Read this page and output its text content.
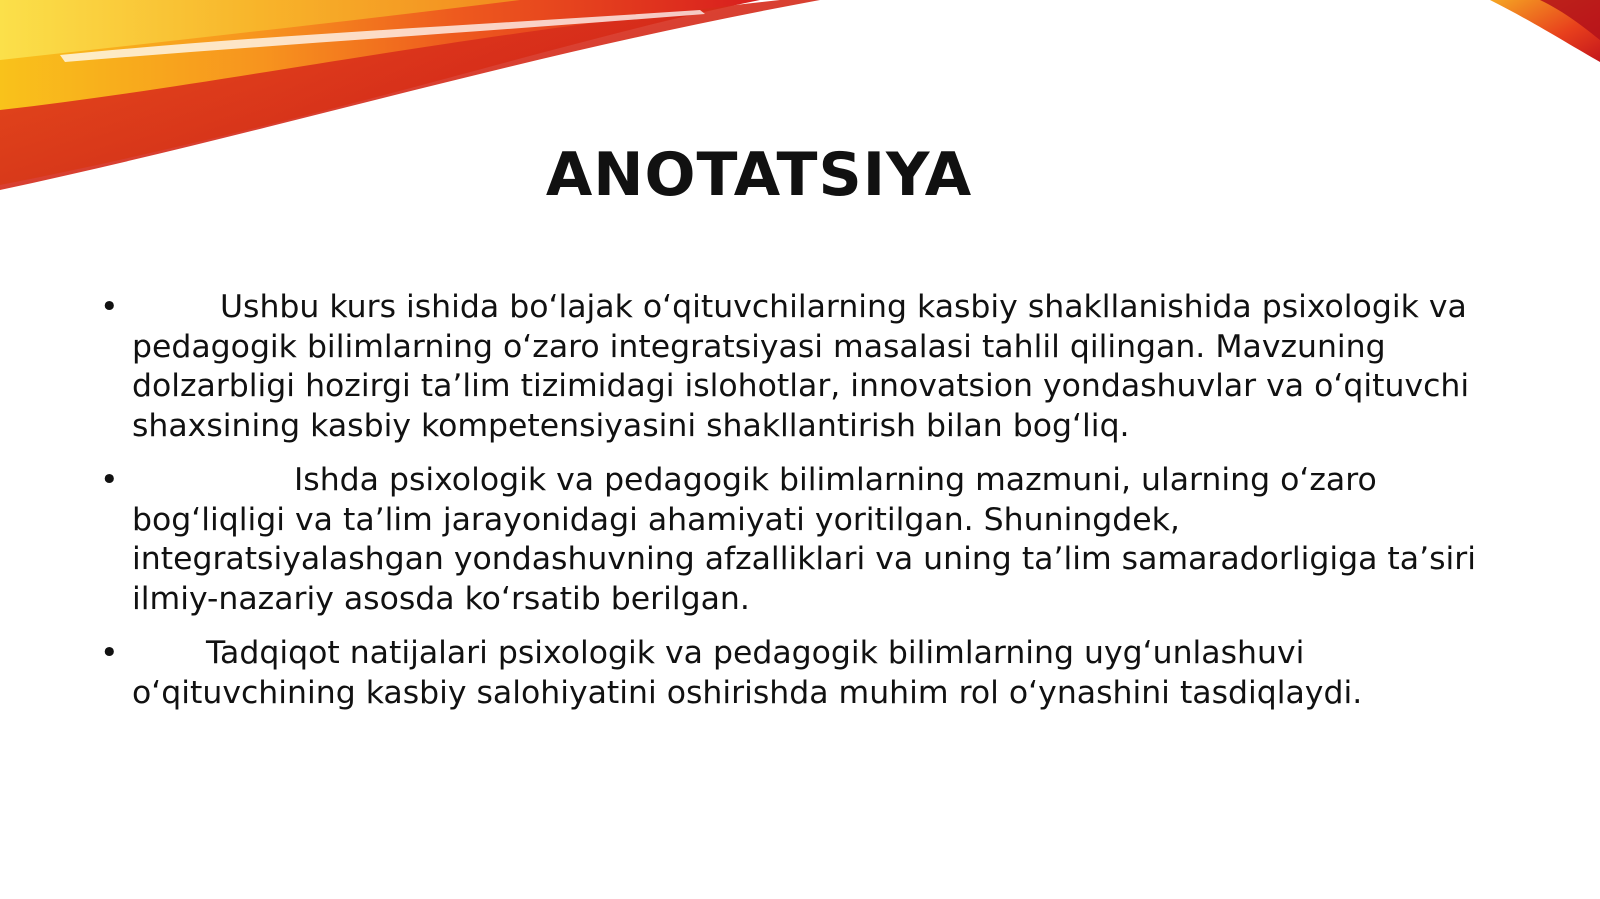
ANOTATSIYA
•	Ushbu kurs ishida boʻlajak oʻqituvchilarning kasbiy shakllanishida psixologik va pedagogik bilimlarning oʻzaro integratsiyasi masalasi tahlil qilingan. Mavzuning dolzarbligi hozirgi taʼlim tizimidagi islohotlar, innovatsion yondashuvlar va oʻqituvchi shaxsining kasbiy kompetensiyasini shakllantirish bilan bogʻliq.
•	Ishda psixologik va pedagogik bilimlarning mazmuni, ularning oʻzaro bogʻliqligi va taʼlim jarayonidagi ahamiyati yoritilgan. Shuningdek, integratsiyalashgan yondashuvning afzalliklari va uning taʼlim samaradorligiga taʼsiri ilmiy-nazariy asosda koʻrsatib berilgan.
•	Tadqiqot natijalari psixologik va pedagogik bilimlarning uygʻunlashuvi oʻqituvchining kasbiy salohiyatini oshirishda muhim rol oʻynashini tasdiqlaydi.
